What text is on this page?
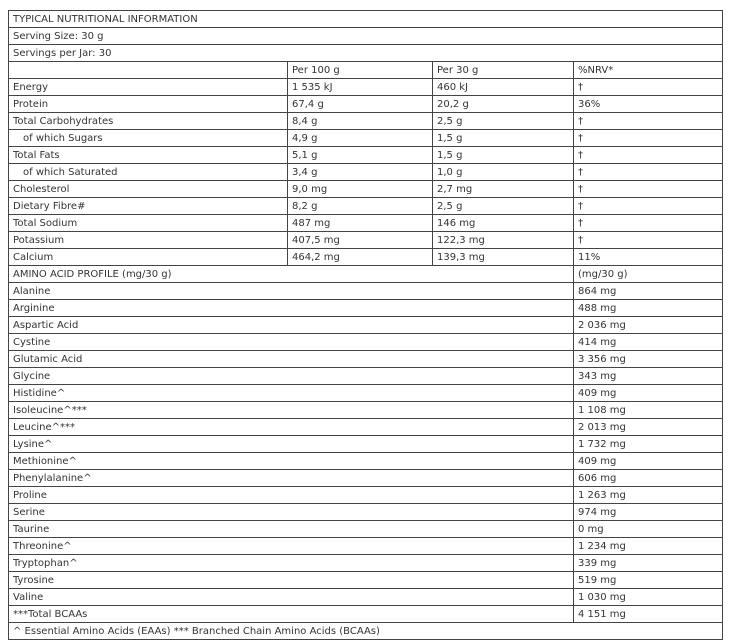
TYPICAL NUTRITIONAL INFORMATION			
Serving Size: 30 g			
Servings per Jar: 30			
	Per 100 g	Per 30 g	%NRV*
Energy	1 535 kJ	460 kJ	†
Protein	67,4 g	20,2 g	36%
Total Carbohydrates	8,4 g	2,5 g	†
of which Sugars	4,9 g	1,5 g	†
Total Fats	5,1 g	1,5 g	†
of which Saturated	3,4 g	1,0 g	†
Cholesterol	9,0 mg	2,7 mg	†
Dietary Fibre#	8,2 g	2,5 g	†
Total Sodium	487 mg	146 mg	†
Potassium	407,5 mg	122,3 mg	†
Calcium	464,2 mg	139,3 mg	11%
AMINO ACID PROFILE (mg/30 g)			(mg/30 g)
Alanine			864 mg
Arginine			488 mg
Aspartic Acid			2 036 mg
Cystine			414 mg
Glutamic Acid			3 356 mg
Glycine			343 mg
Histidine^			409 mg
Isoleucine^***			1 108 mg
Leucine^***			2 013 mg
Lysine^			1 732 mg
Methionine^			409 mg
Phenylalanine^			606 mg
Proline			1 263 mg
Serine			974 mg
Taurine			0 mg
Threonine^			1 234 mg
Tryptophan^			339 mg
Tyrosine			519 mg
Valine			1 030 mg
***Total BCAAs			4 151 mg
^ Essential Amino Acids (EAAs) *** Branched Chain Amino Acids (BCAAs)			
